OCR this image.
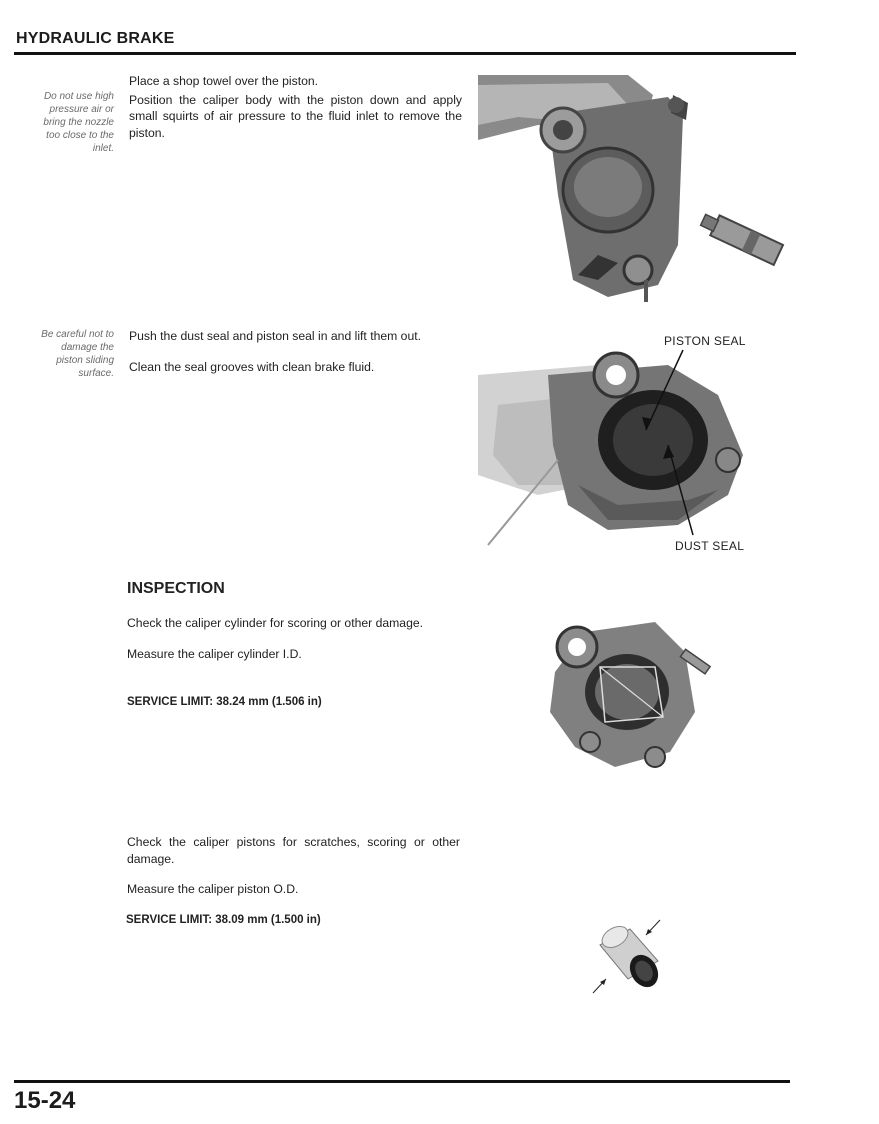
HYDRAULIC BRAKE
Do not use high
pressure air or
bring the nozzle
too close to the
inlet.

Place a shop towel over the piston.

Position the caliper body with the piston down and apply small squirts of air pressure to the fluid inlet to remove the piston.

Be careful not to
damage the
piston sliding
surface.

Push the dust seal and piston seal in and lift them out.

Clean the seal grooves with clean brake fluid.

PISTON SEAL
DUST SEAL
INSPECTION

Check the caliper cylinder for scoring or other damage.

Measure the caliper cylinder I.D.

SERVICE LIMIT: 38.24 mm (1.506 in)

Check the caliper pistons for scratches, scoring or other damage.

Measure the caliper piston O.D.

SERVICE LIMIT: 38.09 mm (1.500 in)
15-24
